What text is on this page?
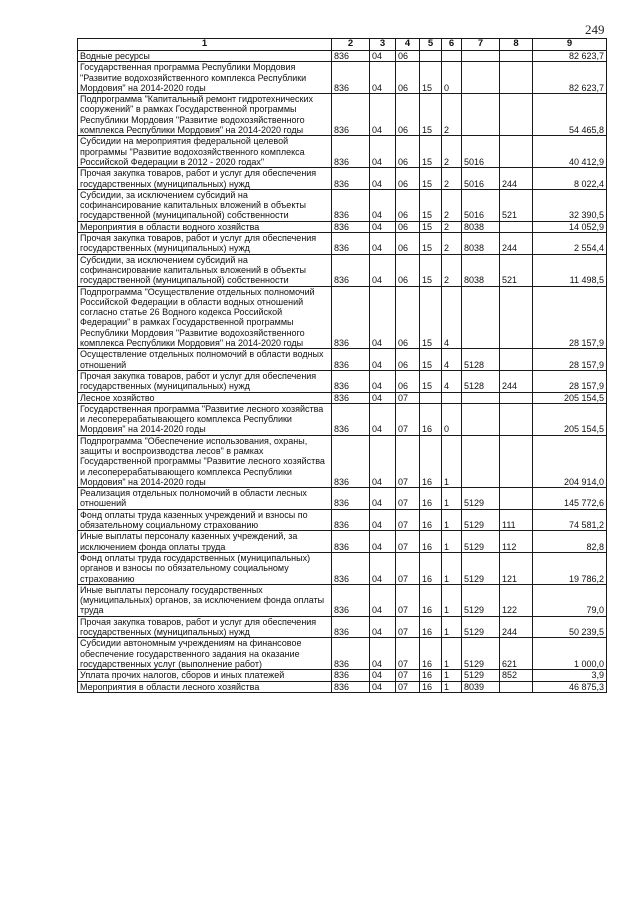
249
1	2	3	4	5	6	7	8	9
Водные ресурсы	836	04	06					82 623,7
Государственная программа Республики Мордовия "Развитие водохозяйственного комплекса Республики Мордовия" на 2014-2020 годы	836	04	06	15	0			82 623,7
Подпрограмма "Капитальный ремонт гидротехнических сооружений" в рамках Государственной программы Республики Мордовия "Развитие водохозяйственного комплекса Республики Мордовия" на 2014-2020 годы	836	04	06	15	2			54 465,8
Субсидии на мероприятия федеральной целевой программы "Развитие водохозяйственного комплекса Российской Федерации в 2012 - 2020 годах"	836	04	06	15	2	5016		40 412,9
Прочая закупка товаров, работ и услуг для обеспечения государственных (муниципальных) нужд	836	04	06	15	2	5016	244	8 022,4
Субсидии, за исключением субсидий на софинансирование капитальных вложений в объекты государственной (муниципальной) собственности	836	04	06	15	2	5016	521	32 390,5
Мероприятия в области водного хозяйства	836	04	06	15	2	8038		14 052,9
Прочая закупка товаров, работ и услуг для обеспечения государственных (муниципальных) нужд	836	04	06	15	2	8038	244	2 554,4
Субсидии, за исключением субсидий на софинансирование капитальных вложений в объекты государственной (муниципальной) собственности	836	04	06	15	2	8038	521	11 498,5
Подпрограмма "Осуществление отдельных полномочий Российской Федерации в области водных отношений согласно статье 26 Водного кодекса Российской Федерации" в рамках Государственной программы Республики Мордовия "Развитие водохозяйственного комплекса Республики Мордовия" на 2014-2020 годы	836	04	06	15	4			28 157,9
Осуществление отдельных полномочий в области водных отношений	836	04	06	15	4	5128		28 157,9
Прочая закупка товаров, работ и услуг для обеспечения государственных (муниципальных) нужд	836	04	06	15	4	5128	244	28 157,9
Лесное хозяйство	836	04	07					205 154,5
Государственная программа "Развитие лесного хозяйства и лесоперерабатывающего комплекса Республики Мордовия" на 2014-2020 годы	836	04	07	16	0			205 154,5
Подпрограмма "Обеспечение использования, охраны, защиты и воспроизводства лесов" в рамках Государственной программы "Развитие лесного хозяйства и лесоперерабатывающего комплекса Республики Мордовия" на 2014-2020 годы	836	04	07	16	1			204 914,0
Реализация отдельных полномочий в области лесных отношений	836	04	07	16	1	5129		145 772,6
Фонд оплаты труда казенных учреждений и взносы по обязательному социальному страхованию	836	04	07	16	1	5129	111	74 581,2
Иные выплаты персоналу казенных учреждений, за исключением фонда оплаты труда	836	04	07	16	1	5129	112	82,8
Фонд оплаты труда государственных (муниципальных) органов и взносы по обязательному социальному страхованию	836	04	07	16	1	5129	121	19 786,2
Иные выплаты персоналу государственных (муниципальных) органов, за исключением фонда оплаты труда	836	04	07	16	1	5129	122	79,0
Прочая закупка товаров, работ и услуг для обеспечения государственных (муниципальных) нужд	836	04	07	16	1	5129	244	50 239,5
Субсидии автономным учреждениям на финансовое обеспечение государственного задания на оказание государственных услуг (выполнение работ)	836	04	07	16	1	5129	621	1 000,0
Уплата прочих налогов, сборов и иных платежей	836	04	07	16	1	5129	852	3,9
Мероприятия в области лесного хозяйства	836	04	07	16	1	8039		46 875,3
